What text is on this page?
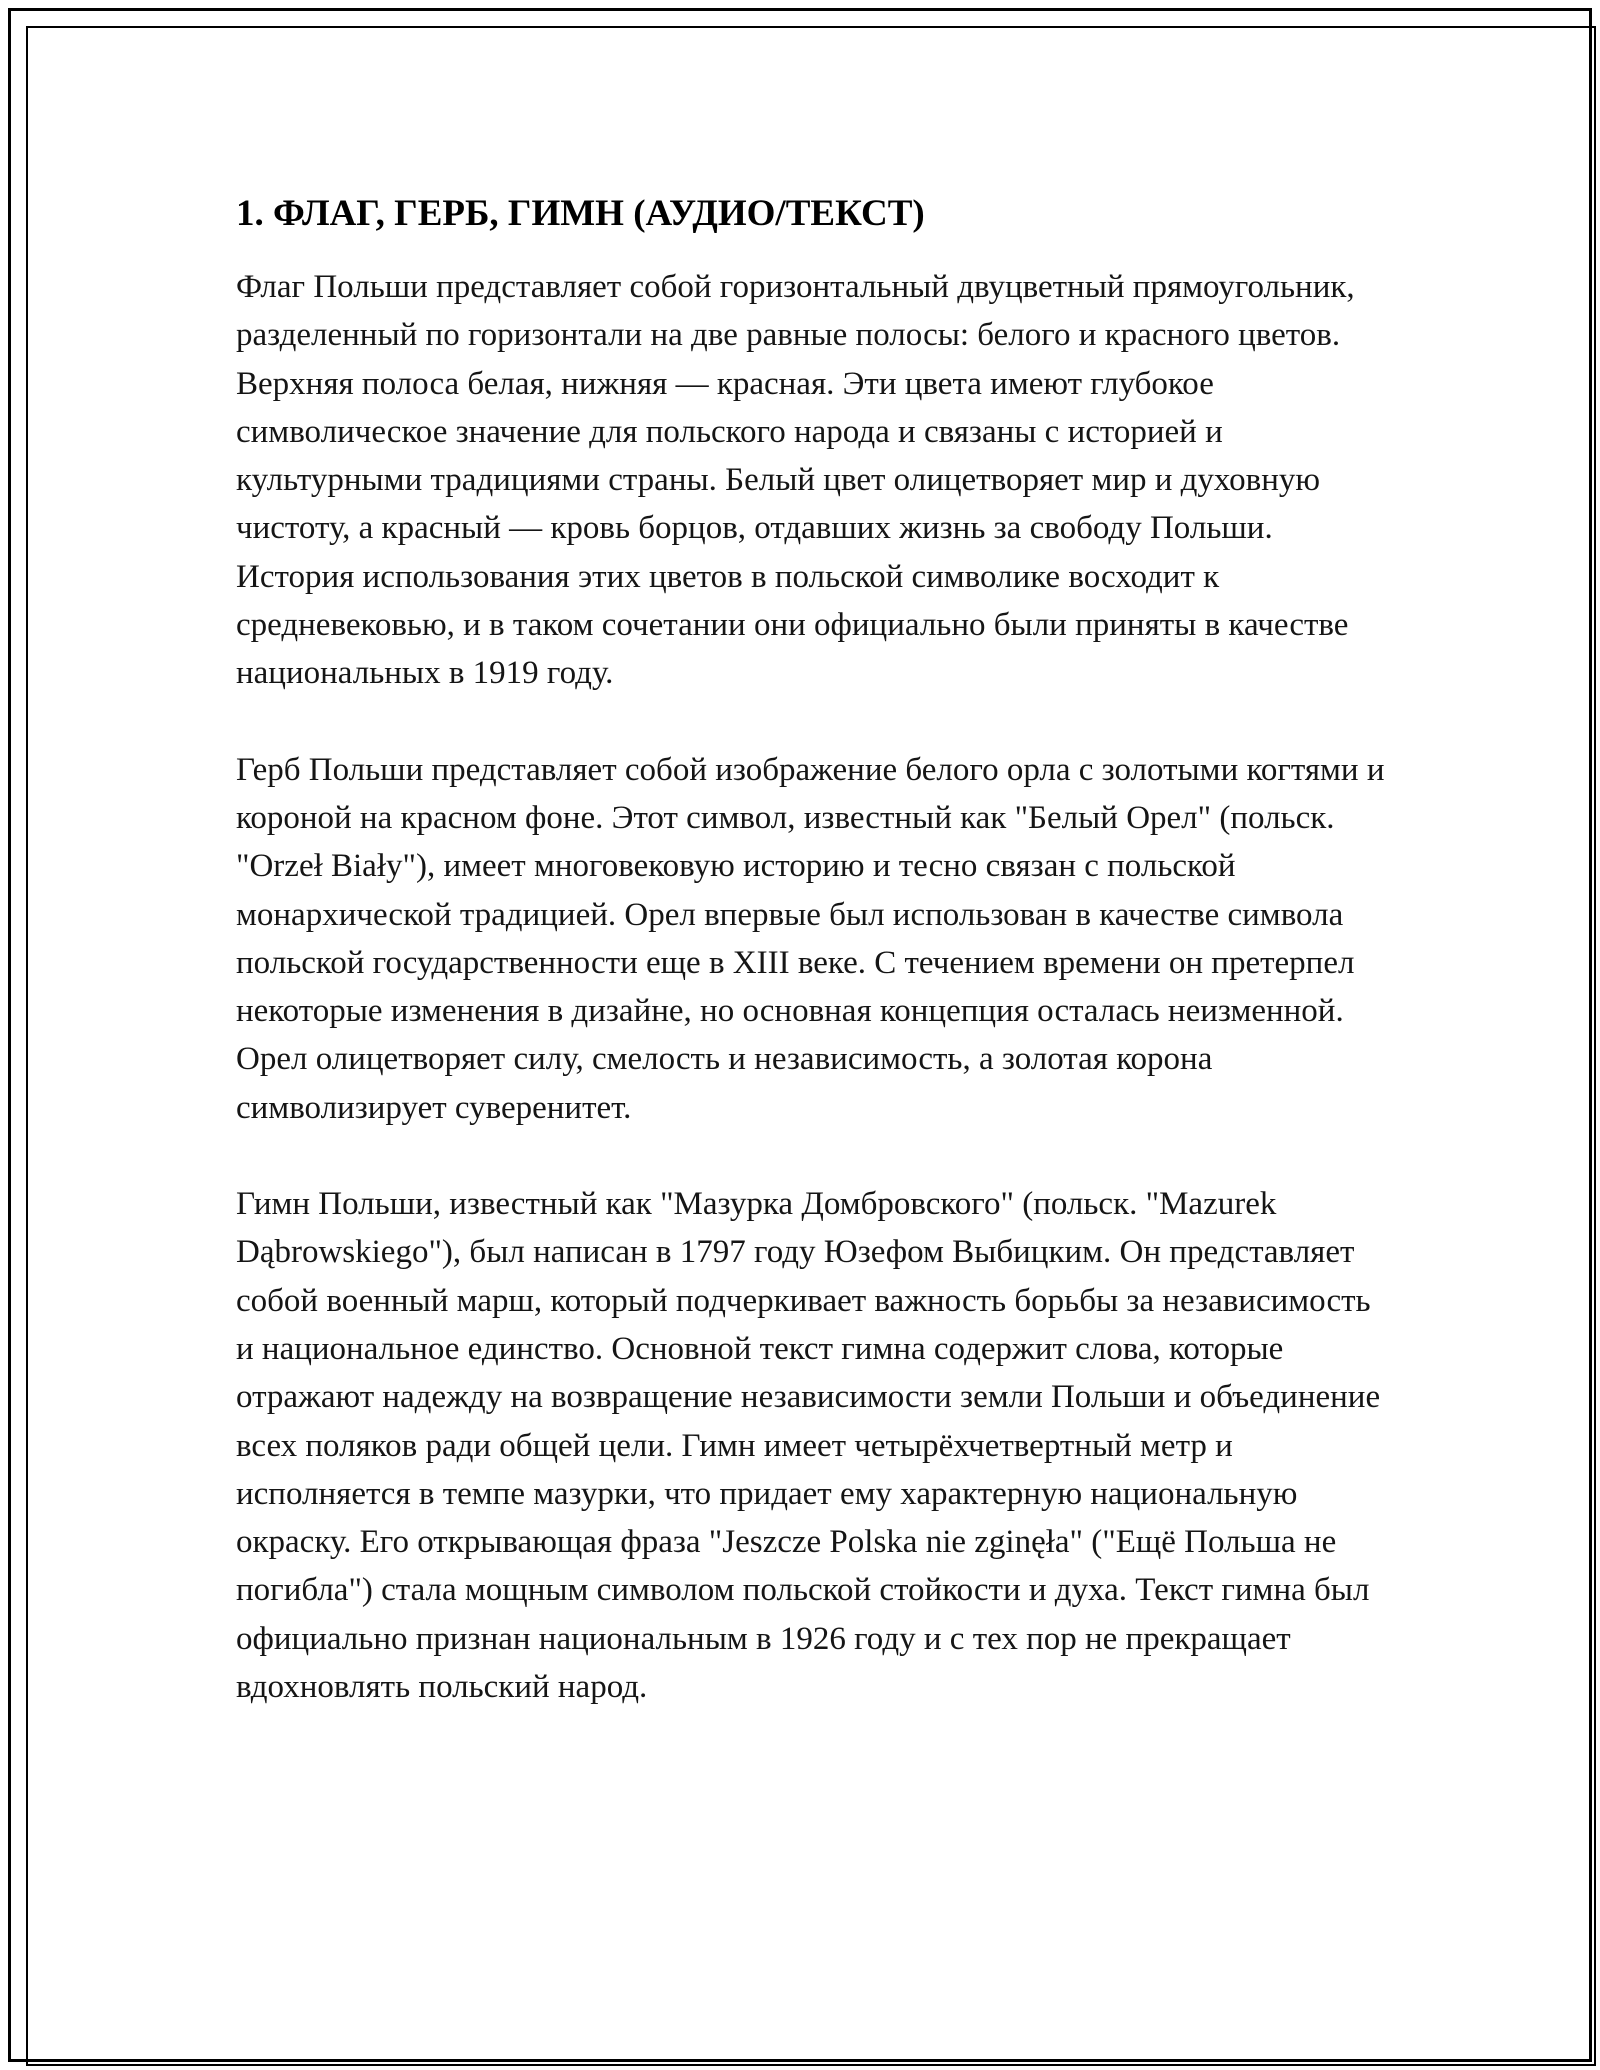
1. ФЛАГ, ГЕРБ, ГИМН (АУДИО/ТЕКСТ)

Флаг Польши представляет собой горизонтальный двуцветный прямоугольник, разделенный по горизонтали на две равные полосы: белого и красного цветов. Верхняя полоса белая, нижняя — красная. Эти цвета имеют глубокое символическое значение для польского народа и связаны с историей и культурными традициями страны. Белый цвет олицетворяет мир и духовную чистоту, а красный — кровь борцов, отдавших жизнь за свободу Польши. История использования этих цветов в польской символике восходит к средневековью, и в таком сочетании они официально были приняты в качестве национальных в 1919 году.

Герб Польши представляет собой изображение белого орла с золотыми когтями и короной на красном фоне. Этот символ, известный как "Белый Орел" (польск. "Orzeł Biały"), имеет многовековую историю и тесно связан с польской монархической традицией. Орел впервые был использован в качестве символа польской государственности еще в XIII веке. С течением времени он претерпел некоторые изменения в дизайне, но основная концепция осталась неизменной. Орел олицетворяет силу, смелость и независимость, а золотая корона символизирует суверенитет.

Гимн Польши, известный как "Мазурка Домбровского" (польск. "Mazurek Dąbrowskiego"), был написан в 1797 году Юзефом Выбицким. Он представляет собой военный марш, который подчеркивает важность борьбы за независимость и национальное единство. Основной текст гимна содержит слова, которые отражают надежду на возвращение независимости земли Польши и объединение всех поляков ради общей цели. Гимн имеет четырёхчетвертный метр и исполняется в темпе мазурки, что придает ему характерную национальную окраску. Его открывающая фраза "Jeszcze Polska nie zginęła" ("Ещё Польша не погибла") стала мощным символом польской стойкости и духа. Текст гимна был официально признан национальным в 1926 году и с тех пор не прекращает вдохновлять польский народ.
